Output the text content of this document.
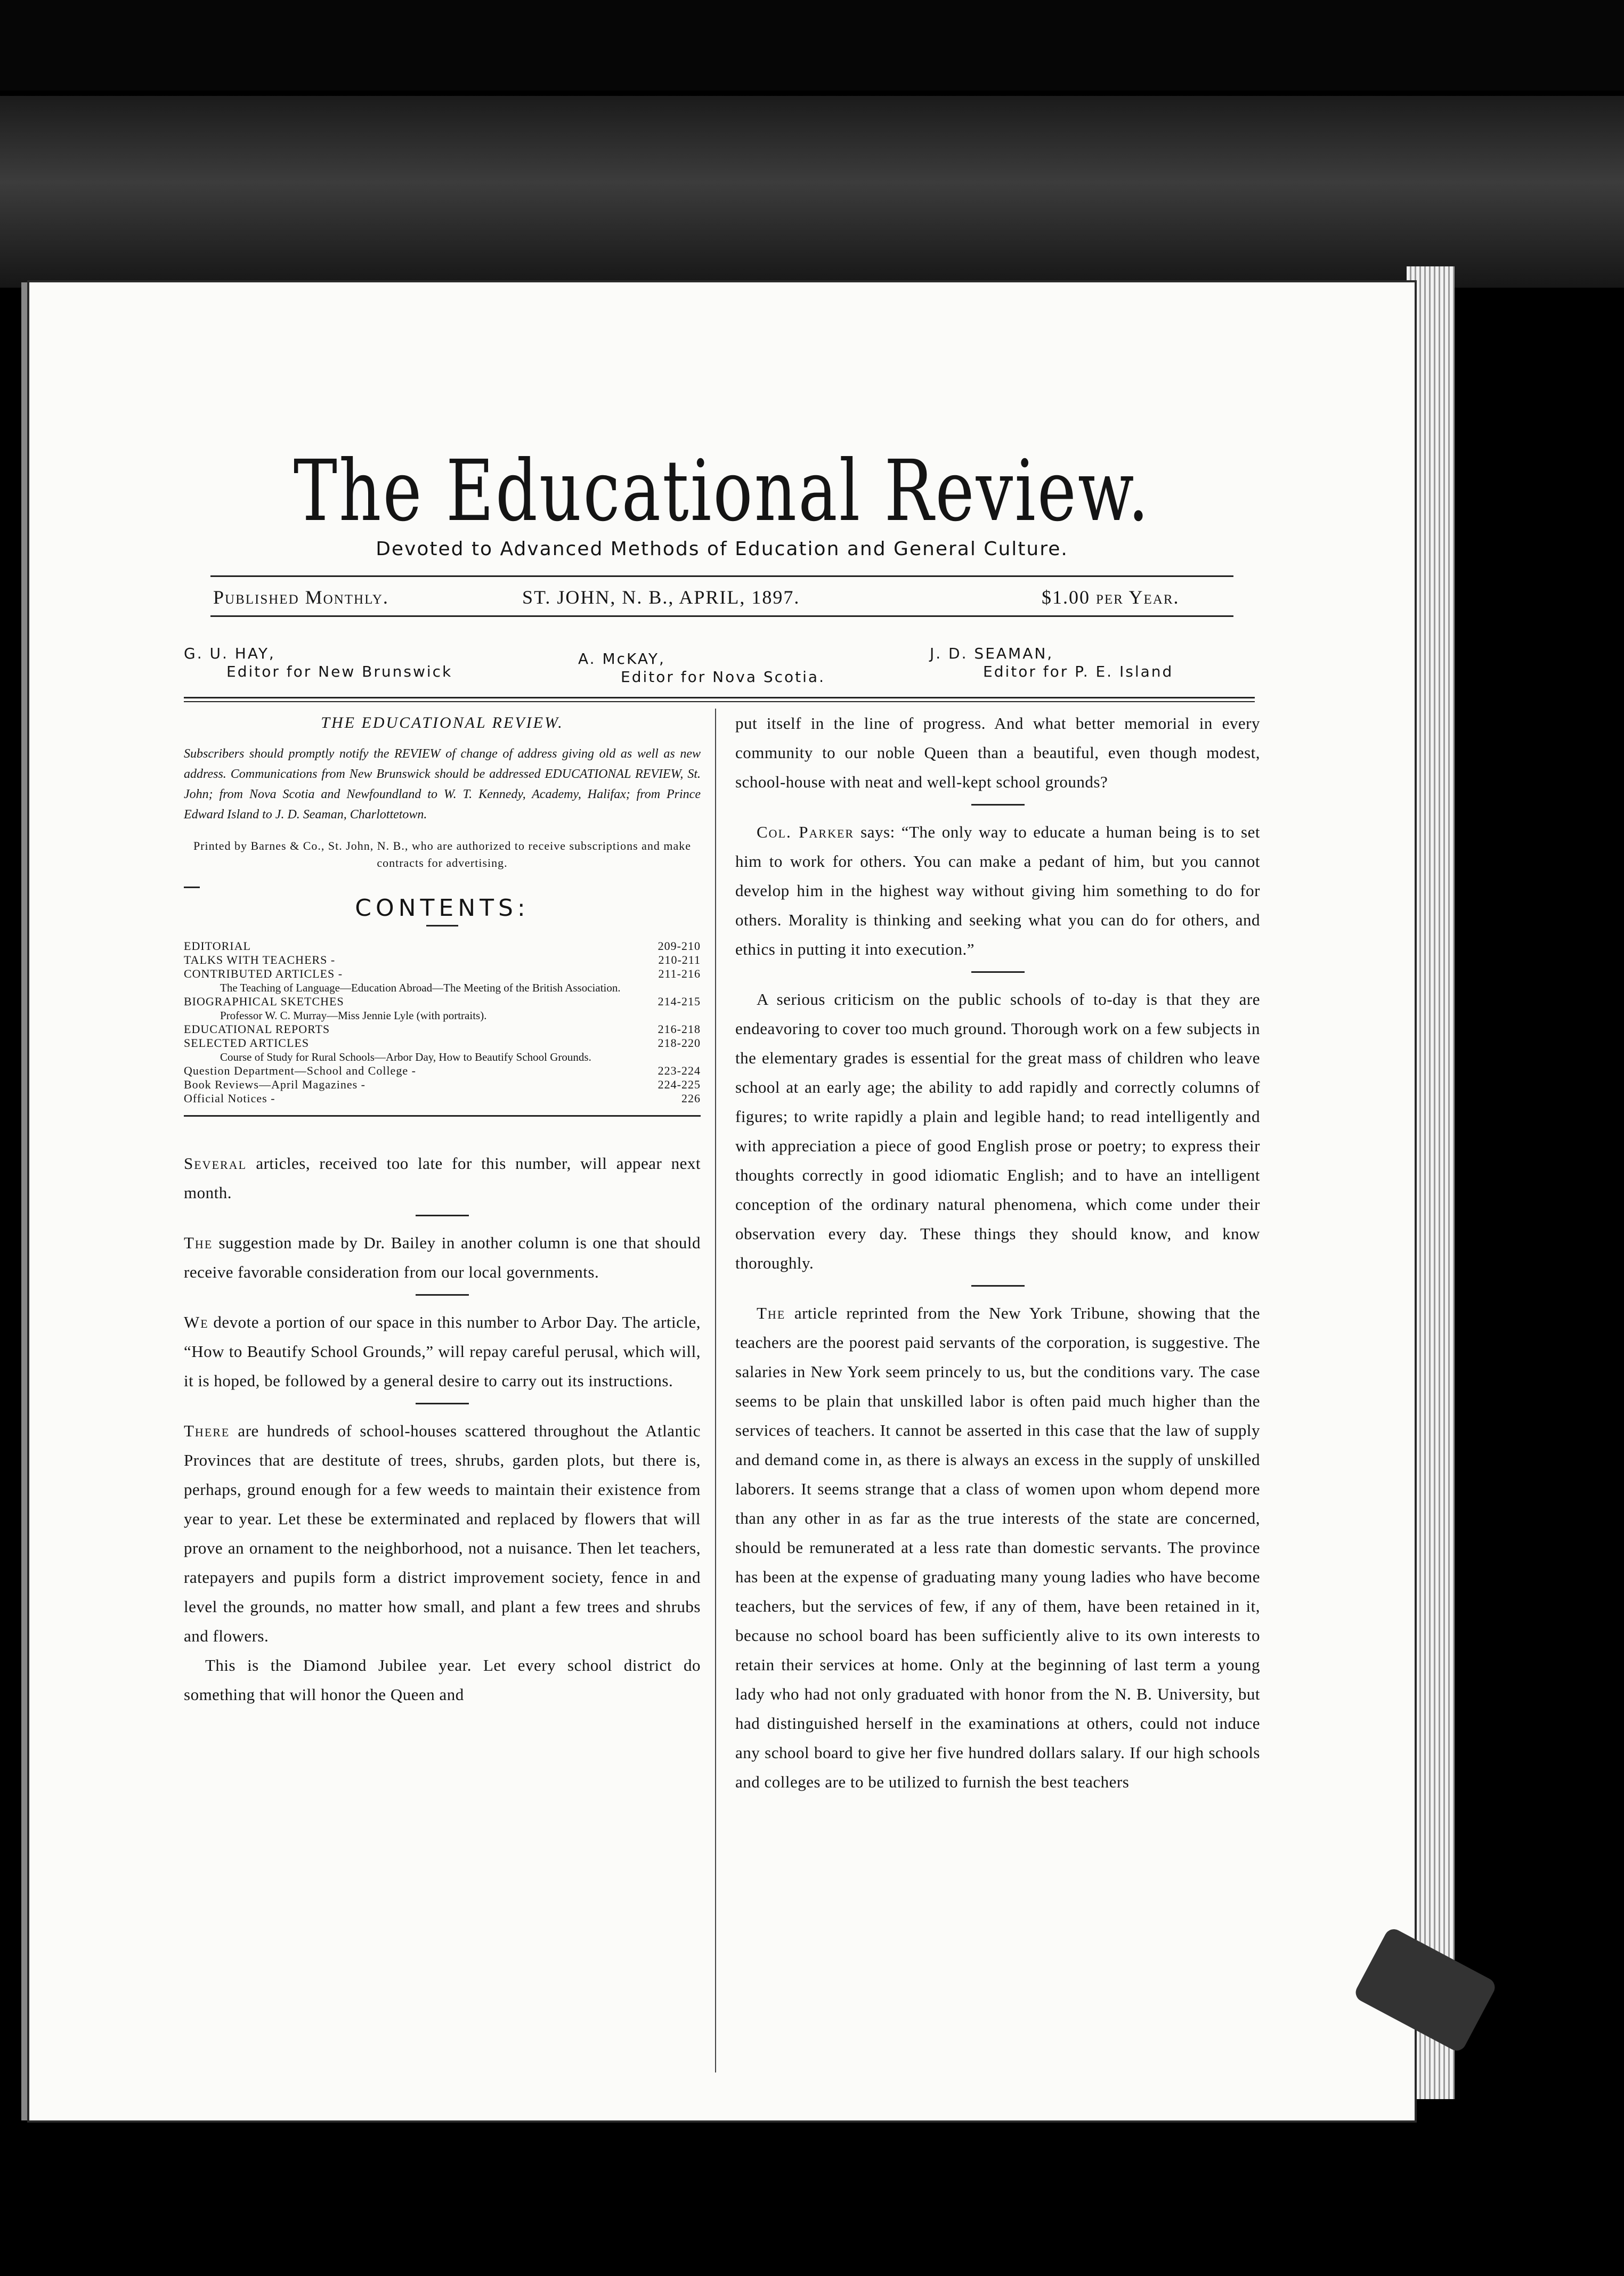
The Educational Review.
Devoted to Advanced Methods of Education and General Culture.
Published Monthly.	ST. JOHN, N. B., APRIL, 1897.	$1.00 per Year.
G. U. HAY,
Editor for New Brunswick
A. McKAY,
Editor for Nova Scotia.
J. D. SEAMAN,
Editor for P. E. Island
THE EDUCATIONAL REVIEW.
Subscribers should promptly notify the REVIEW of change of address giving old as well as new address. Communications from New Brunswick should be addressed EDUCATIONAL REVIEW, St. John; from Nova Scotia and Newfoundland to W. T. Kennedy, Academy, Halifax; from Prince Edward Island to J. D. Seaman, Charlottetown.
Printed by Barnes & Co., St. John, N. B., who are authorized to receive subscriptions and make contracts for advertising.
CONTENTS:
EDITORIAL	209-210
TALKS WITH TEACHERS -	210-211
CONTRIBUTED ARTICLES -	211-216
The Teaching of Language—Education Abroad—The Meeting of the British Association.
BIOGRAPHICAL SKETCHES	214-215
Professor W. C. Murray—Miss Jennie Lyle (with portraits).
EDUCATIONAL REPORTS	216-218
SELECTED ARTICLES	218-220
Course of Study for Rural Schools—Arbor Day, How to Beautify School Grounds.
Question Department—School and College -	223-224
Book Reviews—April Magazines -	224-225
Official Notices -	226

Several articles, received too late for this number, will appear next month.

The suggestion made by Dr. Bailey in another column is one that should receive favorable consideration from our local governments.

We devote a portion of our space in this number to Arbor Day. The article, “How to Beautify School Grounds,” will repay careful perusal, which will, it is hoped, be followed by a general desire to carry out its instructions.

There are hundreds of school-houses scattered throughout the Atlantic Provinces that are destitute of trees, shrubs, garden plots, but there is, perhaps, ground enough for a few weeds to maintain their existence from year to year. Let these be exterminated and replaced by flowers that will prove an ornament to the neighborhood, not a nuisance. Then let teachers, ratepayers and pupils form a district improvement society, fence in and level the grounds, no matter how small, and plant a few trees and shrubs and flowers.

This is the Diamond Jubilee year. Let every school district do something that will honor the Queen and

put itself in the line of progress. And what better memorial in every community to our noble Queen than a beautiful, even though modest, school-house with neat and well-kept school grounds?

Col. Parker says: “The only way to educate a human being is to set him to work for others. You can make a pedant of him, but you cannot develop him in the highest way without giving him something to do for others. Morality is thinking and seeking what you can do for others, and ethics in putting it into execution.”

A serious criticism on the public schools of to-day is that they are endeavoring to cover too much ground. Thorough work on a few subjects in the elementary grades is essential for the great mass of children who leave school at an early age; the ability to add rapidly and correctly columns of figures; to write rapidly a plain and legible hand; to read intelligently and with appreciation a piece of good English prose or poetry; to express their thoughts correctly in good idiomatic English; and to have an intelligent conception of the ordinary natural phenomena, which come under their observation every day. These things they should know, and know thoroughly.

The article reprinted from the New York Tribune, showing that the teachers are the poorest paid servants of the corporation, is suggestive. The salaries in New York seem princely to us, but the conditions vary. The case seems to be plain that unskilled labor is often paid much higher than the services of teachers. It cannot be asserted in this case that the law of supply and demand come in, as there is always an excess in the supply of unskilled laborers. It seems strange that a class of women upon whom depend more than any other in as far as the true interests of the state are concerned, should be remunerated at a less rate than domestic servants. The province has been at the expense of graduating many young ladies who have become teachers, but the services of few, if any of them, have been retained in it, because no school board has been sufficiently alive to its own interests to retain their services at home. Only at the beginning of last term a young lady who had not only graduated with honor from the N. B. University, but had distinguished herself in the examinations at others, could not induce any school board to give her five hundred dollars salary. If our high schools and colleges are to be utilized to furnish the best teachers
